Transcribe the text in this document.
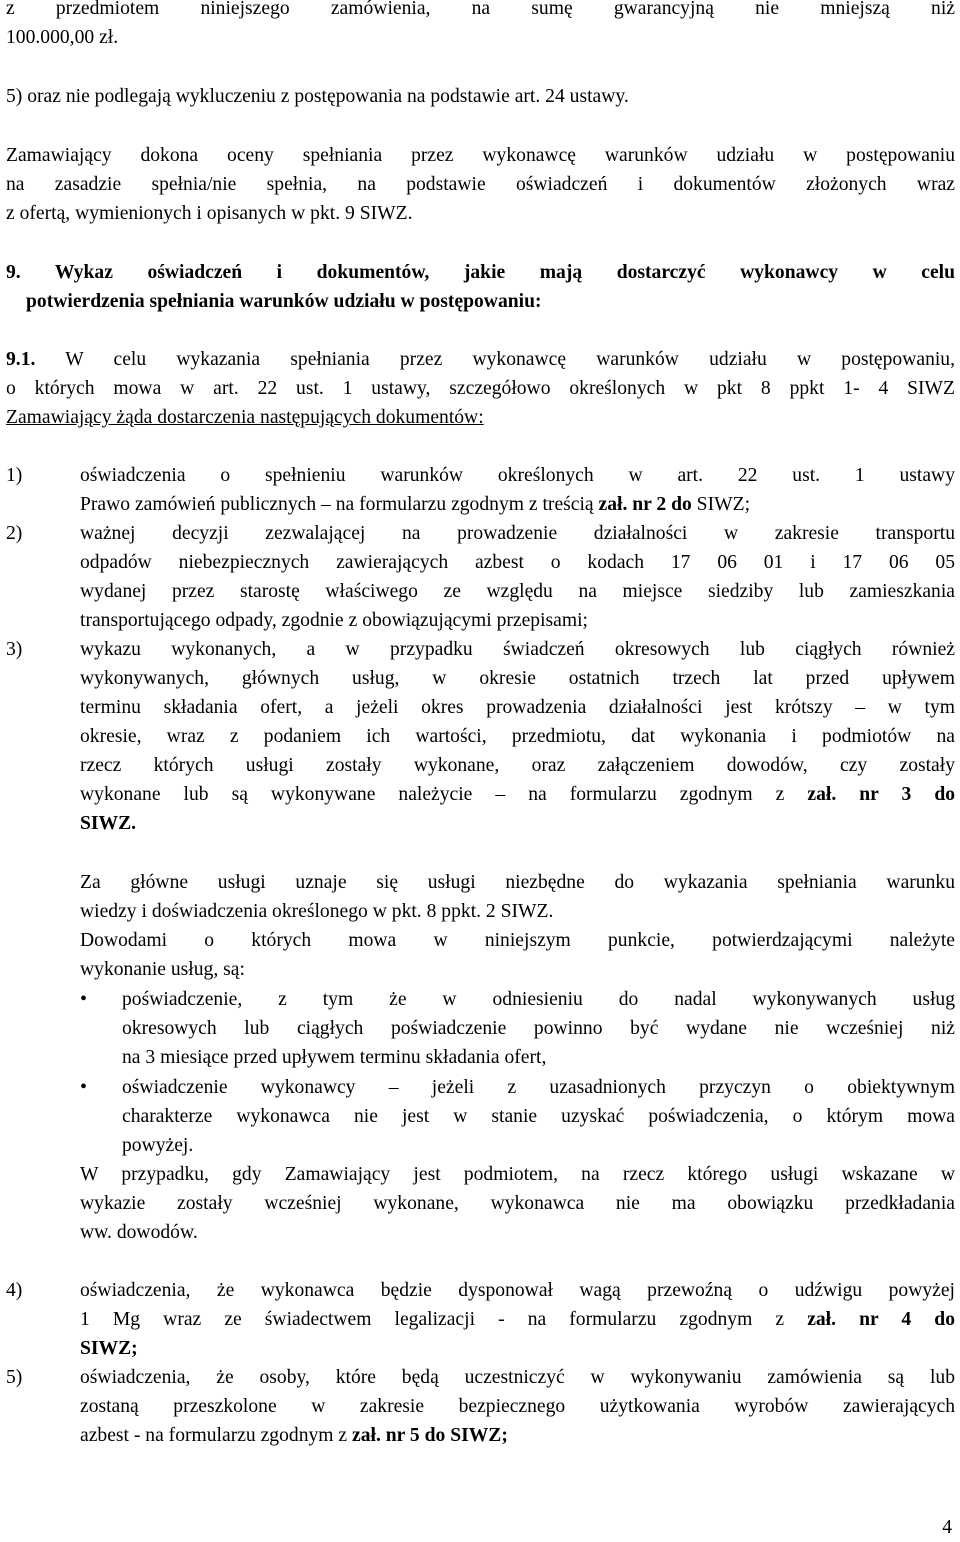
z przedmiotem niniejszego zamówienia, na sumę gwarancyjną nie mniejszą niż
100.000,00 zł.
5) oraz nie podlegają wykluczeniu z postępowania na podstawie art. 24 ustawy.
Zamawiający dokona oceny spełniania przez wykonawcę warunków udziału w postępowaniu
na zasadzie spełnia/nie spełnia, na podstawie oświadczeń i dokumentów złożonych wraz
z ofertą, wymienionych i opisanych w pkt. 9 SIWZ.
9. Wykaz oświadczeń i dokumentów, jakie mają dostarczyć wykonawcy w celu
potwierdzenia spełniania warunków udziału w postępowaniu:
9.1. W celu wykazania spełniania przez wykonawcę warunków udziału w postępowaniu,
o których mowa w art. 22 ust. 1 ustawy, szczegółowo określonych w pkt 8 ppkt 1- 4 SIWZ
Zamawiający żąda dostarczenia następujących dokumentów:
1)	oświadczenia o spełnieniu warunków określonych w art. 22 ust. 1 ustawy
Prawo zamówień publicznych – na formularzu zgodnym z treścią zał. nr 2 do SIWZ;
2)	ważnej decyzji zezwalającej na prowadzenie działalności w zakresie transportu
odpadów niebezpiecznych zawierających azbest o kodach 17 06 01 i 17 06 05
wydanej przez starostę właściwego ze względu na miejsce siedziby lub zamieszkania
transportującego odpady, zgodnie z obowiązującymi przepisami;
3)	wykazu wykonanych, a w przypadku świadczeń okresowych lub ciągłych również
wykonywanych, głównych usług, w okresie ostatnich trzech lat przed upływem
terminu składania ofert, a jeżeli okres prowadzenia działalności jest krótszy – w tym
okresie, wraz z podaniem ich wartości, przedmiotu, dat wykonania i podmiotów na
rzecz których usługi zostały wykonane, oraz załączeniem dowodów, czy zostały
wykonane lub są wykonywane należycie – na formularzu zgodnym z zał. nr 3 do
SIWZ.
Za główne usługi uznaje się usługi niezbędne do wykazania spełniania warunku
wiedzy i doświadczenia określonego w pkt. 8 ppkt. 2 SIWZ.
Dowodami o których mowa w niniejszym punkcie, potwierdzającymi należyte
wykonanie usług, są:
• poświadczenie, z tym że w odniesieniu do nadal wykonywanych usług
okresowych lub ciągłych poświadczenie powinno być wydane nie wcześniej niż
na 3 miesiące przed upływem terminu składania ofert,
• oświadczenie wykonawcy – jeżeli z uzasadnionych przyczyn o obiektywnym
charakterze wykonawca nie jest w stanie uzyskać poświadczenia, o którym mowa
powyżej.
W przypadku, gdy Zamawiający jest podmiotem, na rzecz którego usługi wskazane w
wykazie zostały wcześniej wykonane, wykonawca nie ma obowiązku przedkładania
ww. dowodów.
4)	oświadczenia, że wykonawca będzie dysponował wagą przewoźną o udźwigu powyżej
1 Mg wraz ze świadectwem legalizacji - na formularzu zgodnym z zał. nr 4 do
SIWZ;
5)	oświadczenia, że osoby, które będą uczestniczyć w wykonywaniu zamówienia są lub
zostaną przeszkolone w zakresie bezpiecznego użytkowania wyrobów zawierających
azbest - na formularzu zgodnym z zał. nr 5 do SIWZ;
4
